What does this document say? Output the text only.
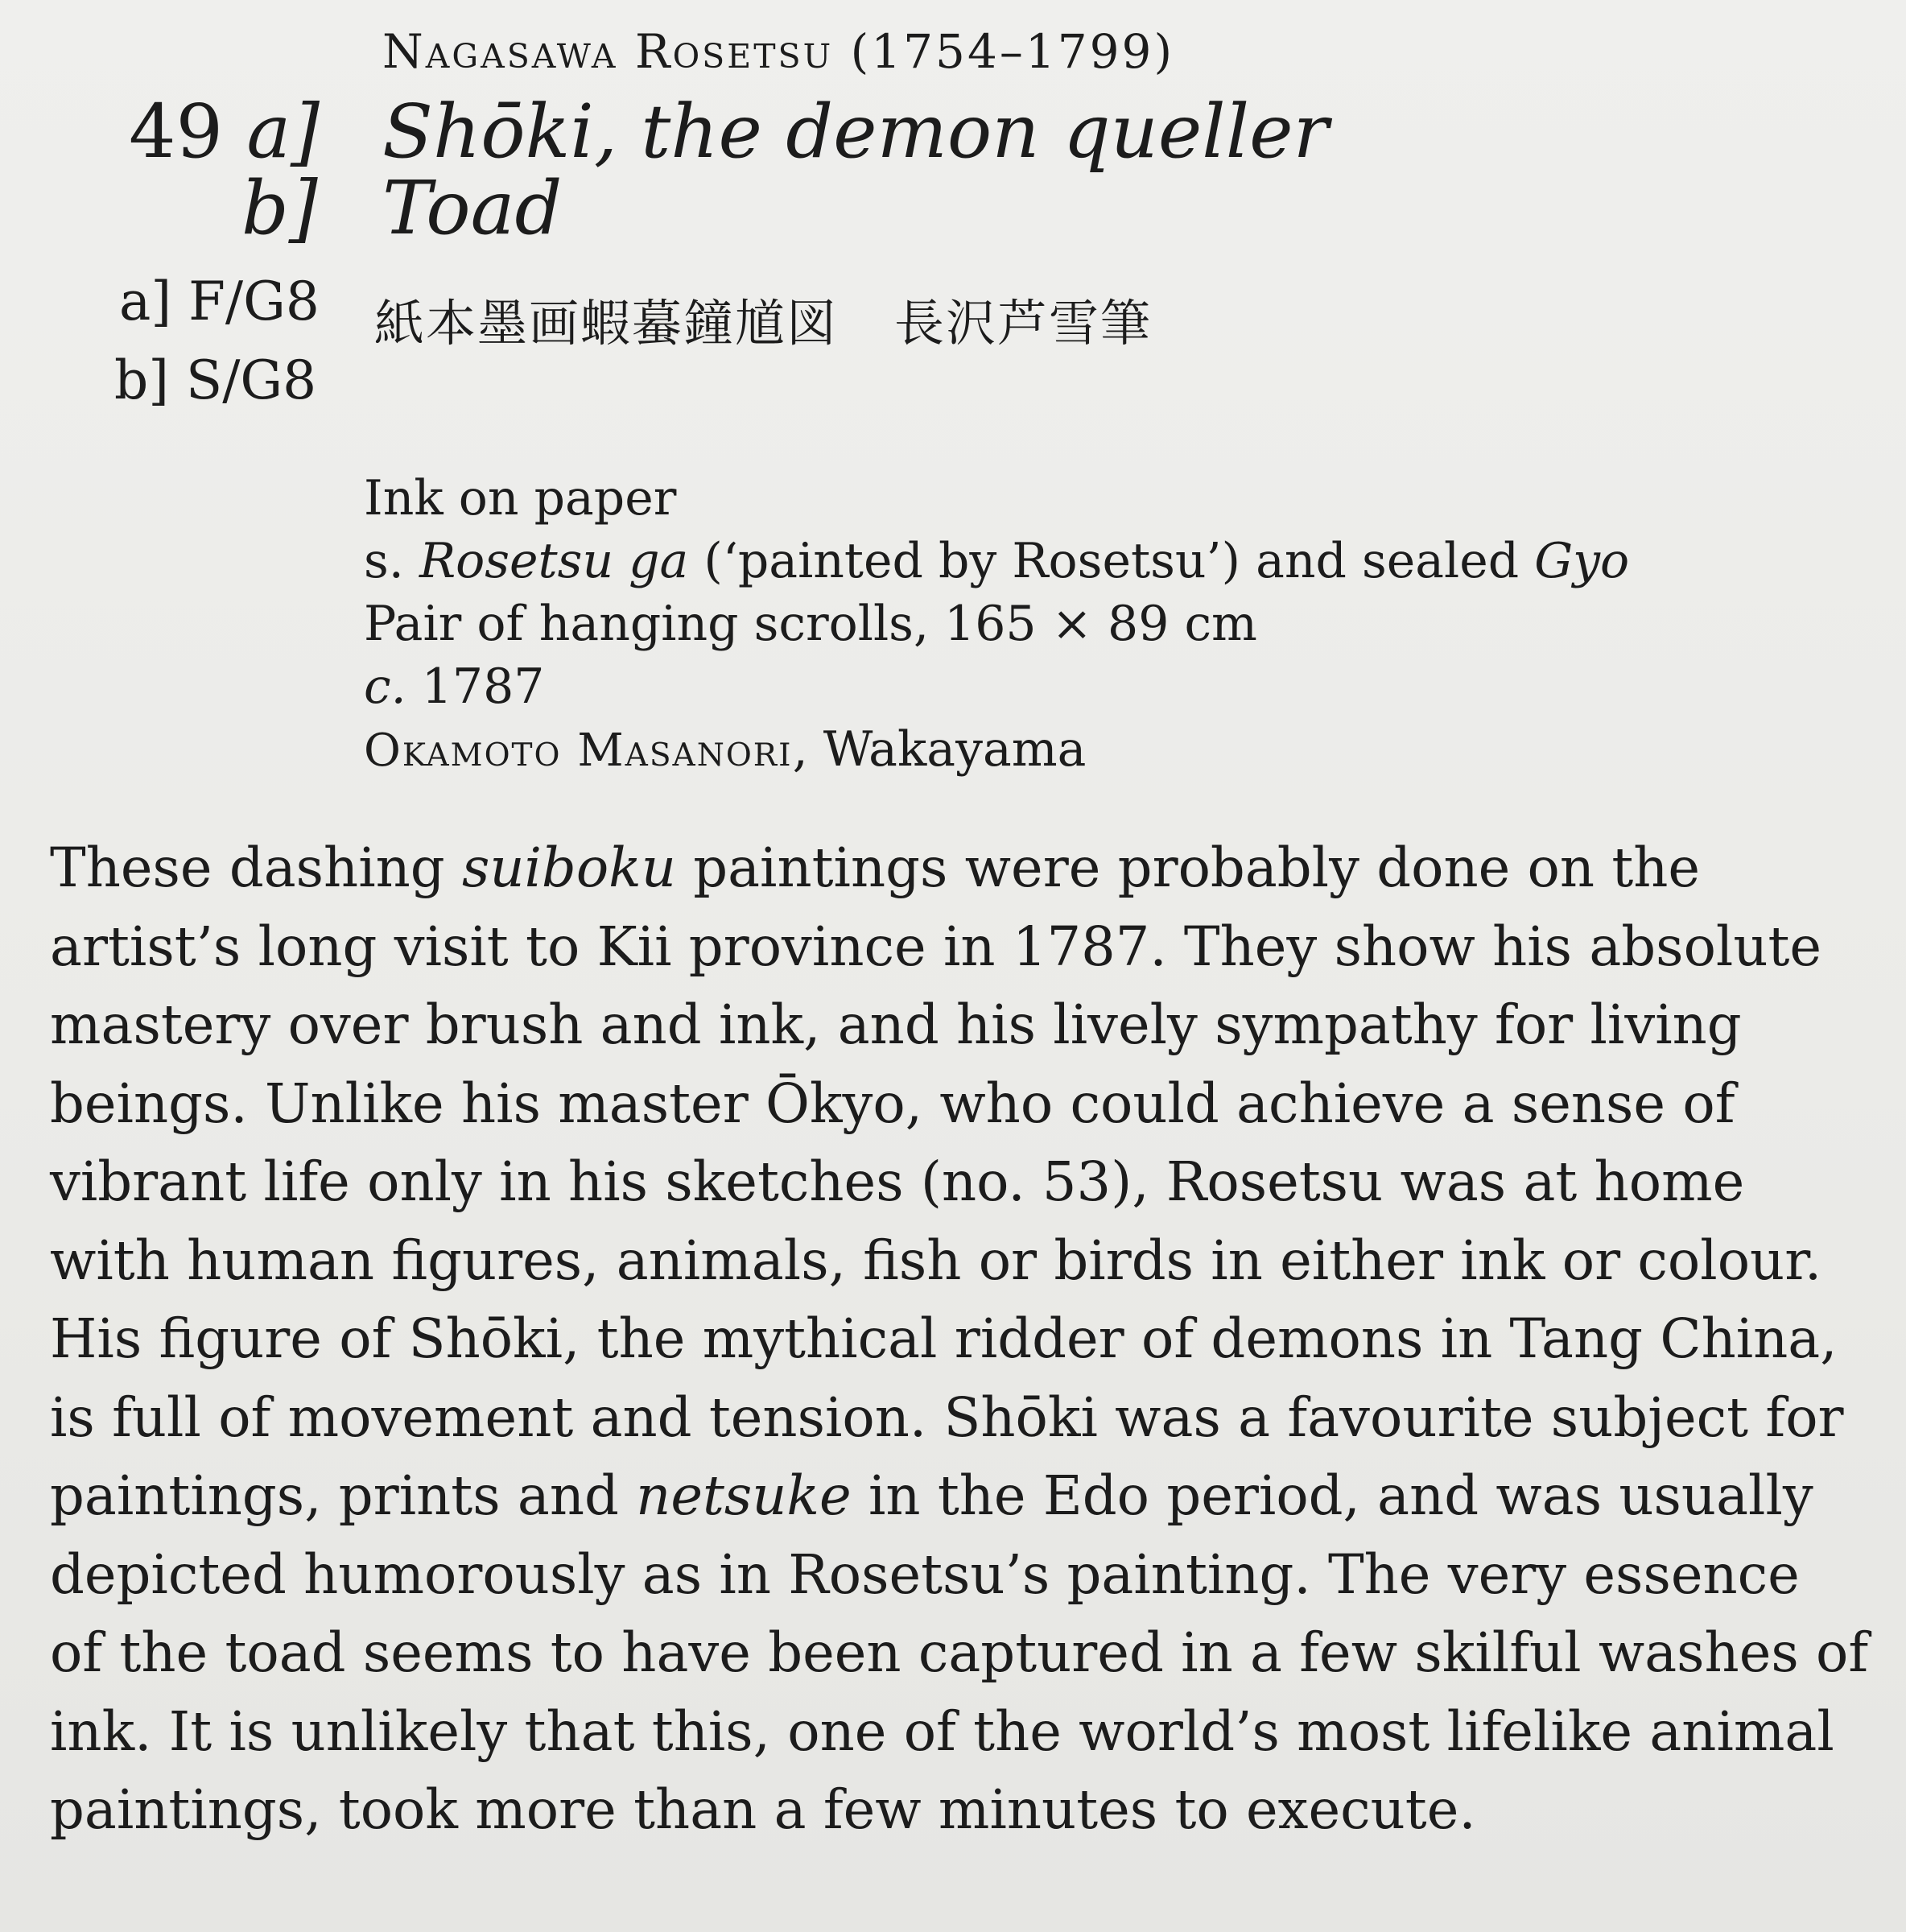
Nagasawa Rosetsu (1754–1799)
49 a]
b]
Shōki, the demon queller
Toad
a] F/G8
b] S/G8
紙本墨画蝦蟇鐘馗図 長沢芦雪筆
Ink on paper
s. Rosetsu ga (‘painted by Rosetsu’) and sealed Gyo
Pair of hanging scrolls, 165 × 89 cm
c. 1787
Okamoto Masanori, Wakayama
These dashing suiboku paintings were probably done on the
artist’s long visit to Kii province in 1787. They show his absolute
mastery over brush and ink, and his lively sympathy for living
beings. Unlike his master Ōkyo, who could achieve a sense of
vibrant life only in his sketches (no. 53), Rosetsu was at home
with human figures, animals, fish or birds in either ink or colour.
His figure of Shōki, the mythical ridder of demons in Tang China,
is full of movement and tension. Shōki was a favourite subject for
paintings, prints and netsuke in the Edo period, and was usually
depicted humorously as in Rosetsu’s painting. The very essence
of the toad seems to have been captured in a few skilful washes of
ink. It is unlikely that this, one of the world’s most lifelike animal
paintings, took more than a few minutes to execute.
